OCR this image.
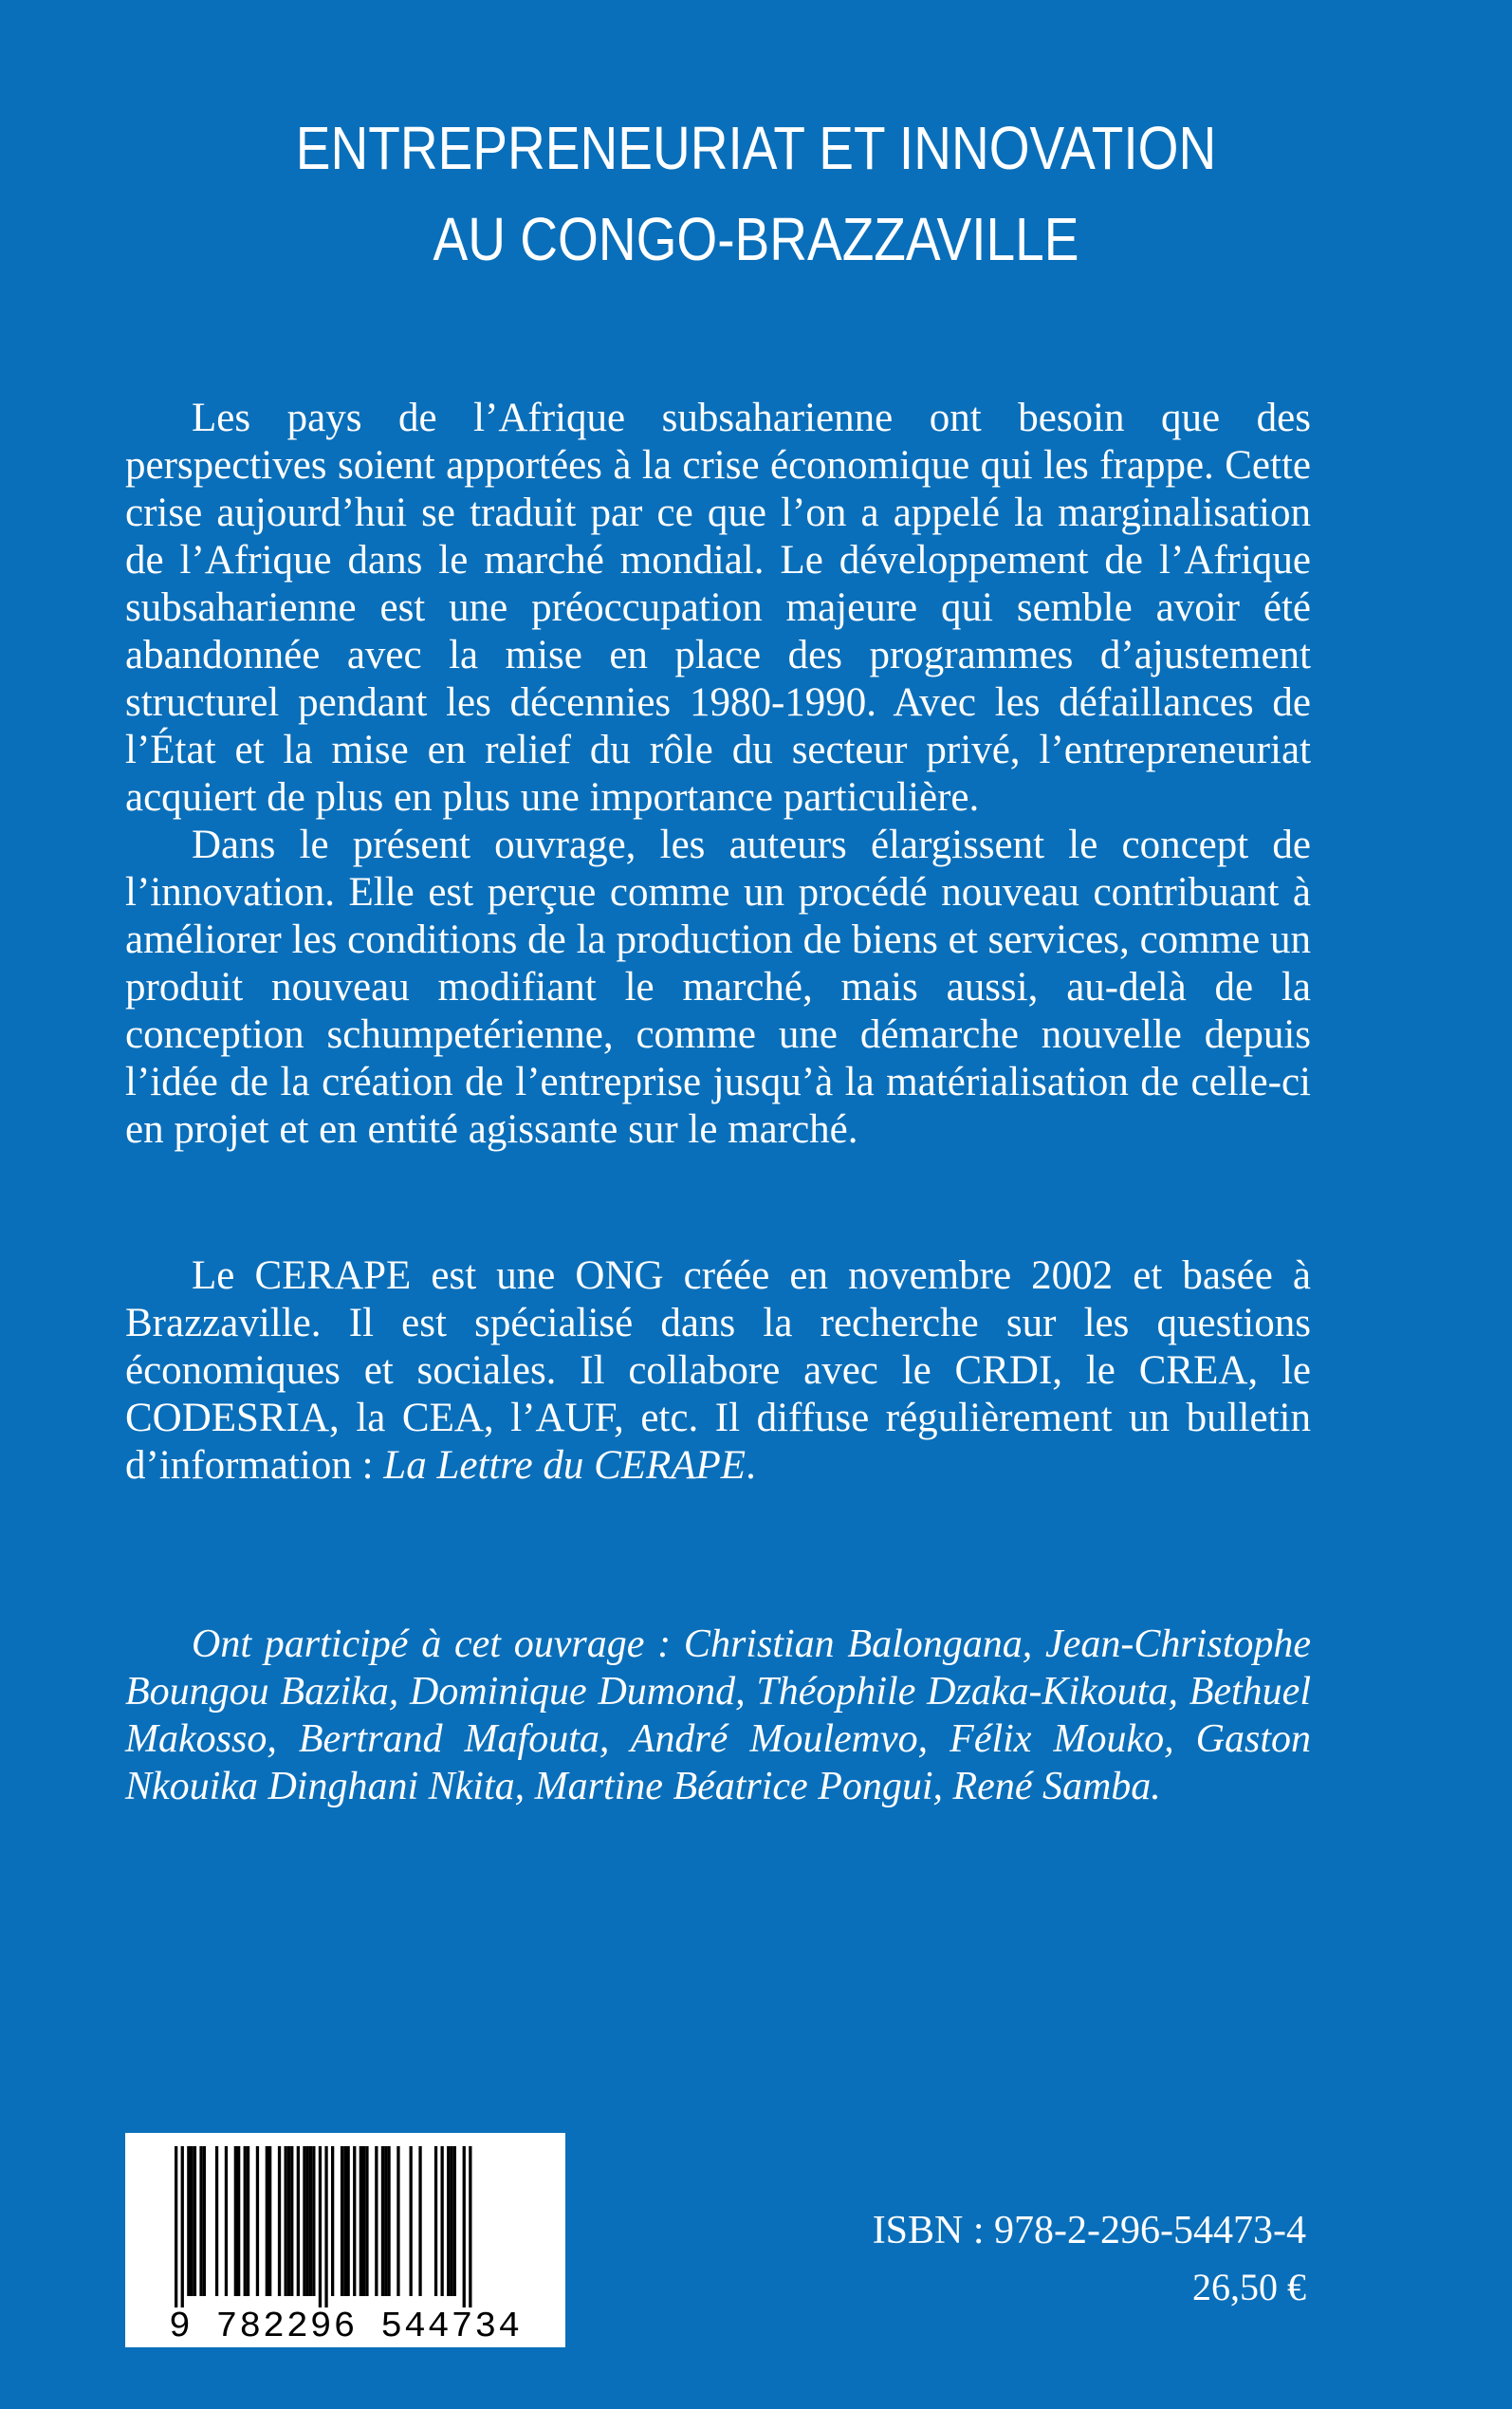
ENTREPRENEURIAT ET INNOVATION
AU CONGO-BRAZZAVILLE

Les pays de l’Afrique subsaharienne ont besoin que des perspectives soient apportées à la crise économique qui les frappe. Cette crise aujourd’hui se traduit par ce que l’on a appelé la marginalisation de l’Afrique dans le marché mondial. Le développement de l’Afrique subsaharienne est une préoccupation majeure qui semble avoir été abandonnée avec la mise en place des programmes d’ajustement structurel pendant les décennies 1980-1990. Avec les défaillances de l’État et la mise en relief du rôle du secteur privé, l’entrepreneuriat acquiert de plus en plus une importance particulière.

Dans le présent ouvrage, les auteurs élargissent le concept de l’innovation. Elle est perçue comme un procédé nouveau contribuant à améliorer les conditions de la production de biens et services, comme un produit nouveau modifiant le marché, mais aussi, au-delà de la conception schumpetérienne, comme une démarche nouvelle depuis l’idée de la création de l’entreprise jusqu’à la matérialisation de celle-ci en projet et en entité agissante sur le marché.

Le CERAPE est une ONG créée en novembre 2002 et basée à Brazzaville. Il est spécialisé dans la recherche sur les questions économiques et sociales. Il collabore avec le CRDI, le CREA, le CODESRIA, la CEA, l’AUF, etc. Il diffuse régulièrement un bulletin d’information : La Lettre du CERAPE.

Ont participé à cet ouvrage : Christian Balongana, Jean-Christophe Boungou Bazika, Dominique Dumond, Théophile Dzaka-Kikouta, Bethuel Makosso, Bertrand Mafouta, André Moulemvo, Félix Mouko, Gaston Nkouika Dinghani Nkita, Martine Béatrice Pongui, René Samba.

9 782296 544734
ISBN : 978-2-296-54473-4
26,50 €
